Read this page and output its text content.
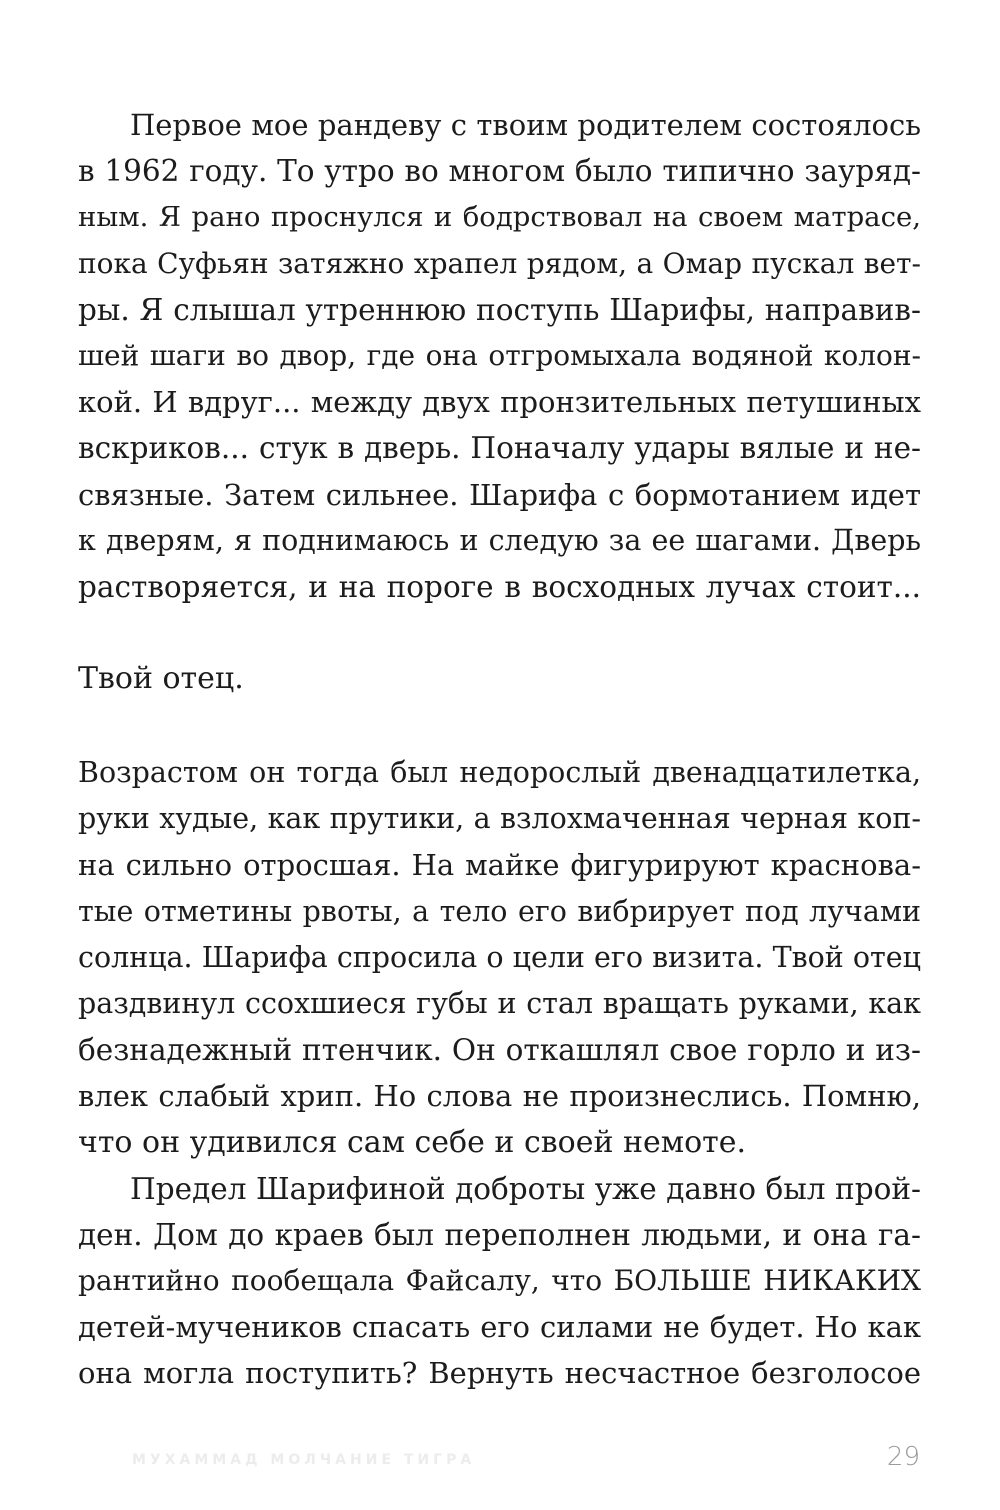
Первое мое рандеву с твоим родителем состоялось
в 1962 году. То утро во многом было типично зауряд-
ным. Я рано проснулся и бодрствовал на своем матрасе,
пока Суфьян затяжно храпел рядом, а Омар пускал вет-
ры. Я слышал утреннюю поступь Шарифы, направив-
шей шаги во двор, где она отгромыхала водяной колон-
кой. И вдруг... между двух пронзительных петушиных
вскриков... стук в дверь. Поначалу удары вялые и не-
связные. Затем сильнее. Шарифа с бормотанием идет
к дверям, я поднимаюсь и следую за ее шагами. Дверь
растворяется, и на пороге в восходных лучах стоит...
Твой отец.
Возрастом он тогда был недорослый двенадцатилетка,
руки худые, как прутики, а взлохмаченная черная коп-
на сильно отросшая. На майке фигурируют краснова-
тые отметины рвоты, а тело его вибрирует под лучами
солнца. Шарифа спросила о цели его визита. Твой отец
раздвинул ссохшиеся губы и стал вращать руками, как
безнадежный птенчик. Он откашлял свое горло и из-
влек слабый хрип. Но слова не произнеслись. Помню,
что он удивился сам себе и своей немоте.
Предел Шарифиной доброты уже давно был прой-
ден. Дом до краев был переполнен людьми, и она га-
рантийно пообещала Файсалу, что БОЛЬШЕ НИКАКИХ
детей-мучеников спасать его силами не будет. Но как
она могла поступить? Вернуть несчастное безголосое
МУХАММАД МОЛЧАНИЕ ТИГРА	29
